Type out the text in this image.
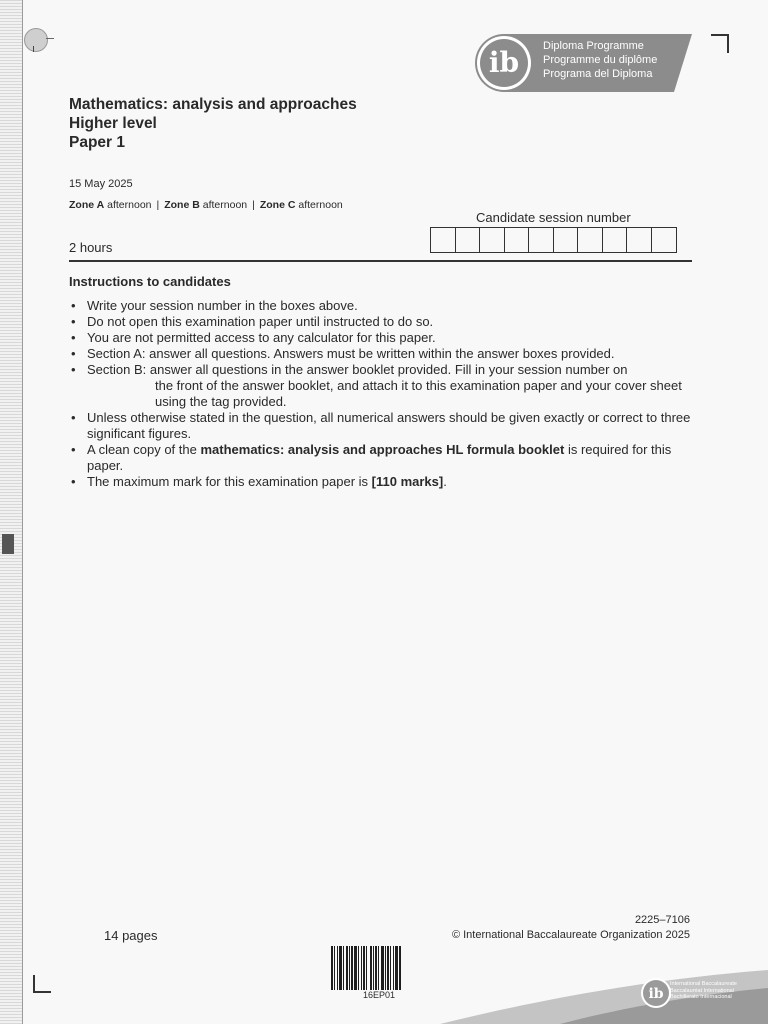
ib Diploma Programme
Programme du diplôme
Programa del Diploma
Mathematics: analysis and approaches
Higher level
Paper 1
15 May 2025
Zone A afternoon | Zone B afternoon | Zone C afternoon
Candidate session number
2 hours
Instructions to candidates
• Write your session number in the boxes above.
• Do not open this examination paper until instructed to do so.
• You are not permitted access to any calculator for this paper.
• Section A: answer all questions. Answers must be written within the answer boxes provided.
• Section B: answer all questions in the answer booklet provided. Fill in your session number on
the front of the answer booklet, and attach it to this examination paper and your cover sheet using the tag provided.
• Unless otherwise stated in the question, all numerical answers should be given exactly or correct to three significant figures.
• A clean copy of the mathematics: analysis and approaches HL formula booklet is required for this paper.
• The maximum mark for this examination paper is [110 marks].
14 pages
2225–7106
© International Baccalaureate Organization 2025
16EP01	ib
International Baccalaureate
Baccalauréat International
Bachillerato Internacional
